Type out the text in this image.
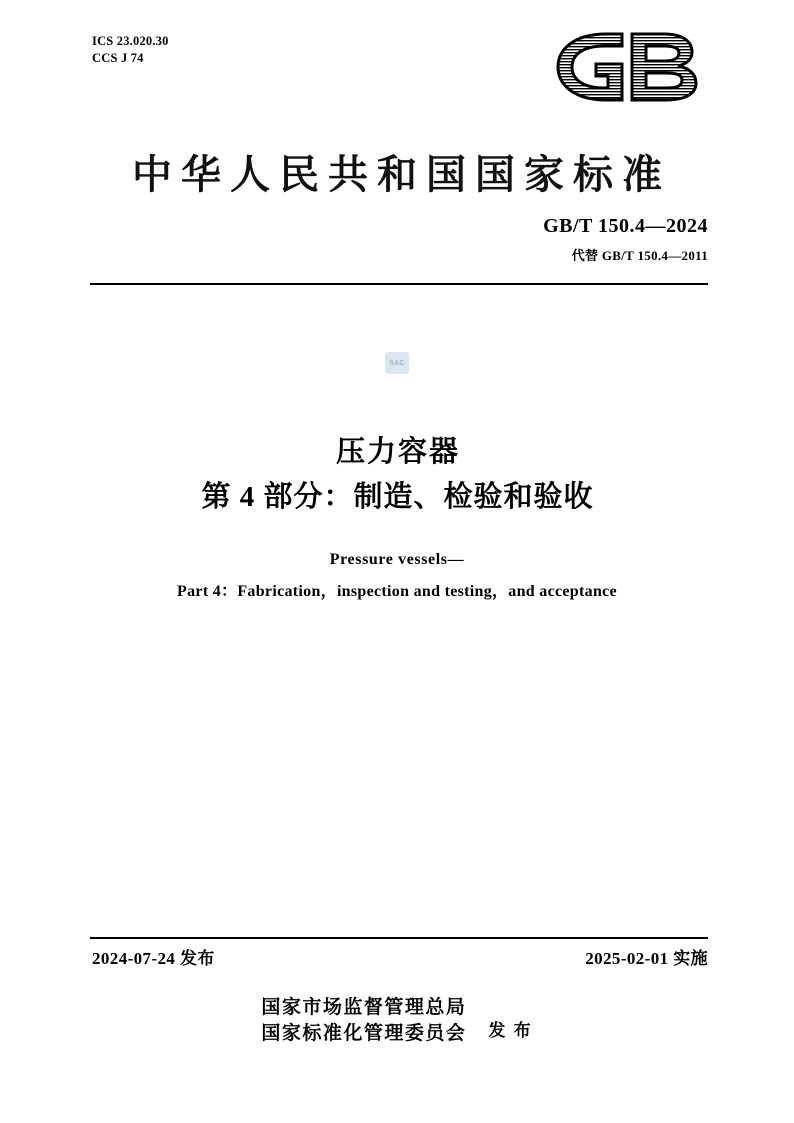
ICS 23.020.30
CCS J 74
中华人民共和国国家标准
GB/T 150.4—2024
代替 GB/T 150.4—2011
SAC
压力容器
第 4 部分：制造、检验和验收
Pressure vessels—
Part 4：Fabrication，inspection and testing，and acceptance
2024-07-24 发布	2025-02-01 实施
国家市场监督管理总局
国家标准化管理委员会 发 布
